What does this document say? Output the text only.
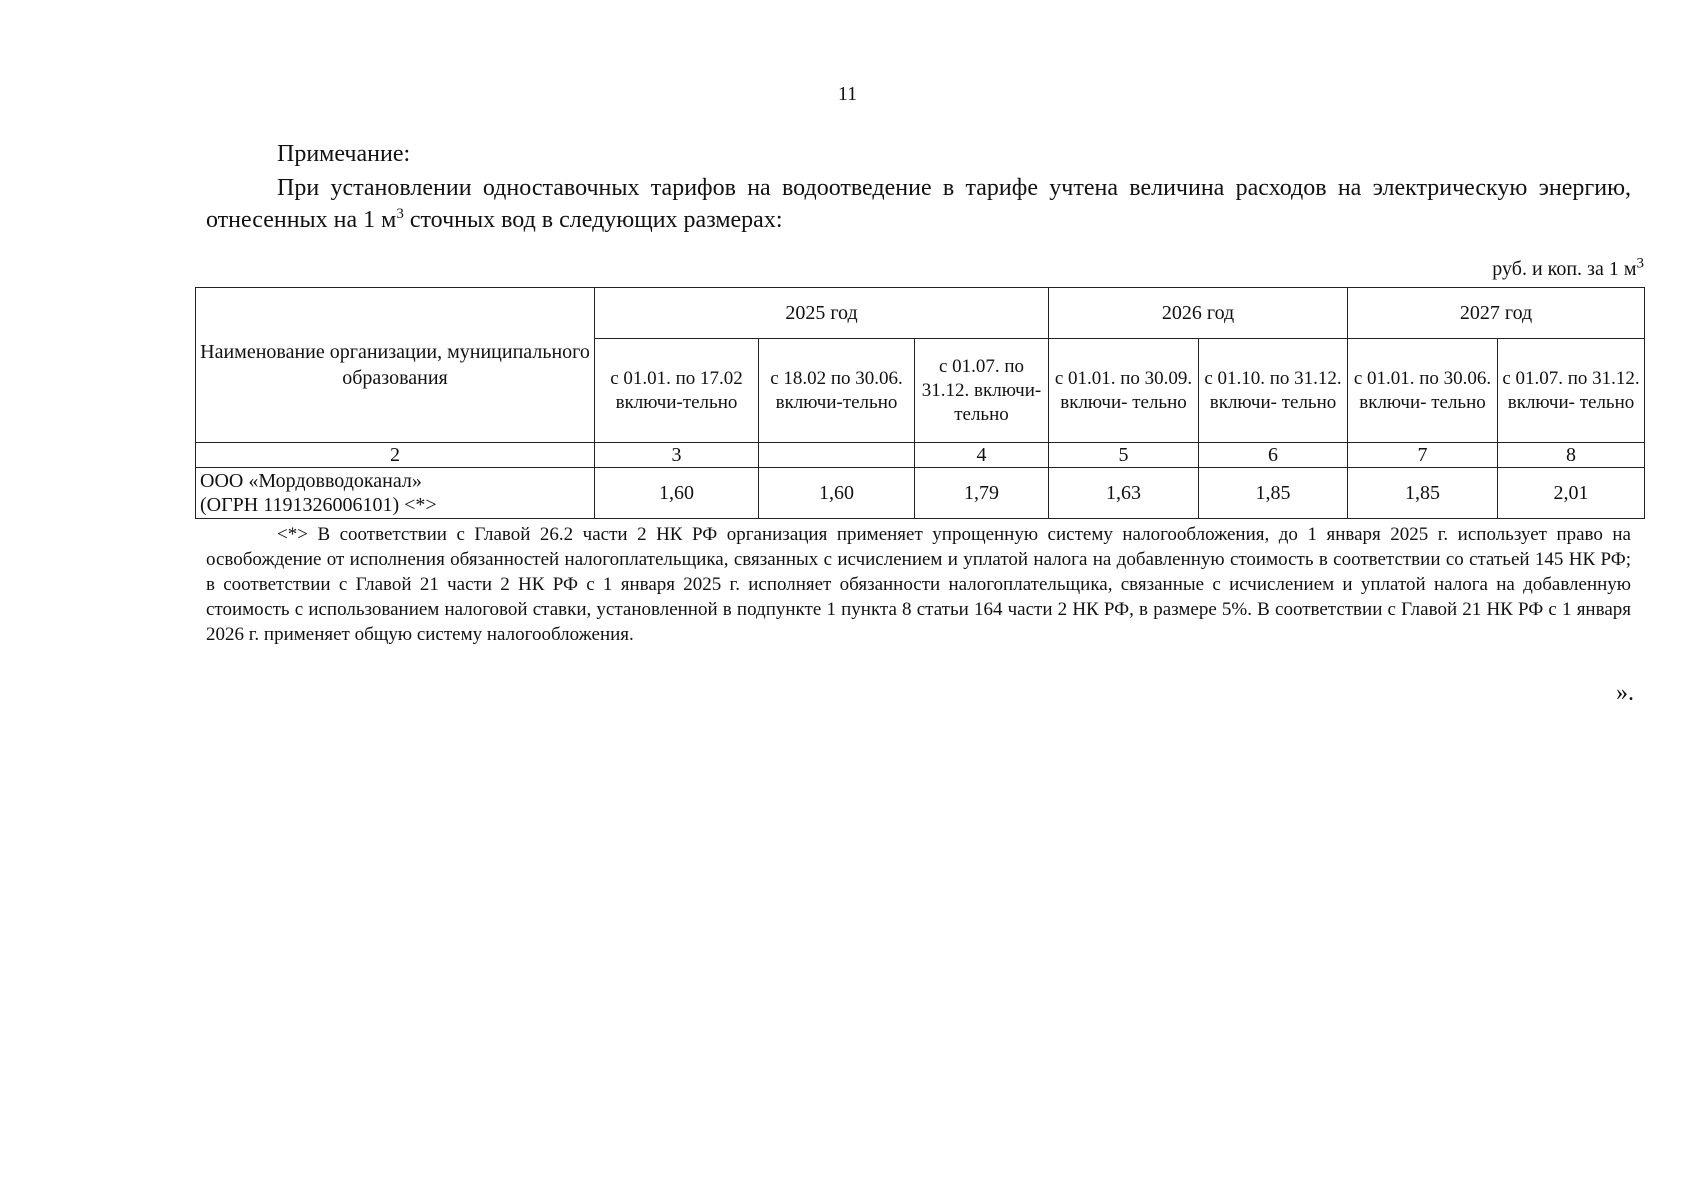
11
Примечание:
При установлении одноставочных тарифов на водоотведение в тарифе учтена величина расходов на электрическую энергию, отнесенных на 1 $м^3$ сточных вод в следующих размерах:
руб. и коп. за 1 $м^3$
Наименование организации, муниципального образования	2025 год			2026 год		2027 год	
	с 01.01. по 17.02 включи-тельно	с 18.02 по 30.06. включи-тельно	с 01.07. по 31.12. включи- тельно	с 01.01. по 30.09. включи- тельно	с 01.10. по 31.12. включи- тельно	с 01.01. по 30.06. включи- тельно	с 01.07. по 31.12. включи- тельно
2	3		4	5	6	7	8

ООО «Мордовводоканал»
(ОГРН 1191326006101) <*>	1,60	1,60	1,79	1,63	1,85	1,85	2,01
<*> В соответствии с Главой 26.2 части 2 НК РФ организация применяет упрощенную систему налогообложения, до 1 января 2025 г. использует право на освобождение от исполнения обязанностей налогоплательщика, связанных с исчислением и уплатой налога на добавленную стоимость в соответствии со статьей 145 НК РФ; в соответствии с Главой 21 части 2 НК РФ с 1 января 2025 г. исполняет обязанности налогоплательщика, связанные с исчислением и уплатой налога на добавленную стоимость с использованием налоговой ставки, установленной в подпункте 1 пункта 8 статьи 164 части 2 НК РФ, в размере 5%. В соответствии с Главой 21 НК РФ с 1 января 2026 г. применяет общую систему налогообложения.
».
